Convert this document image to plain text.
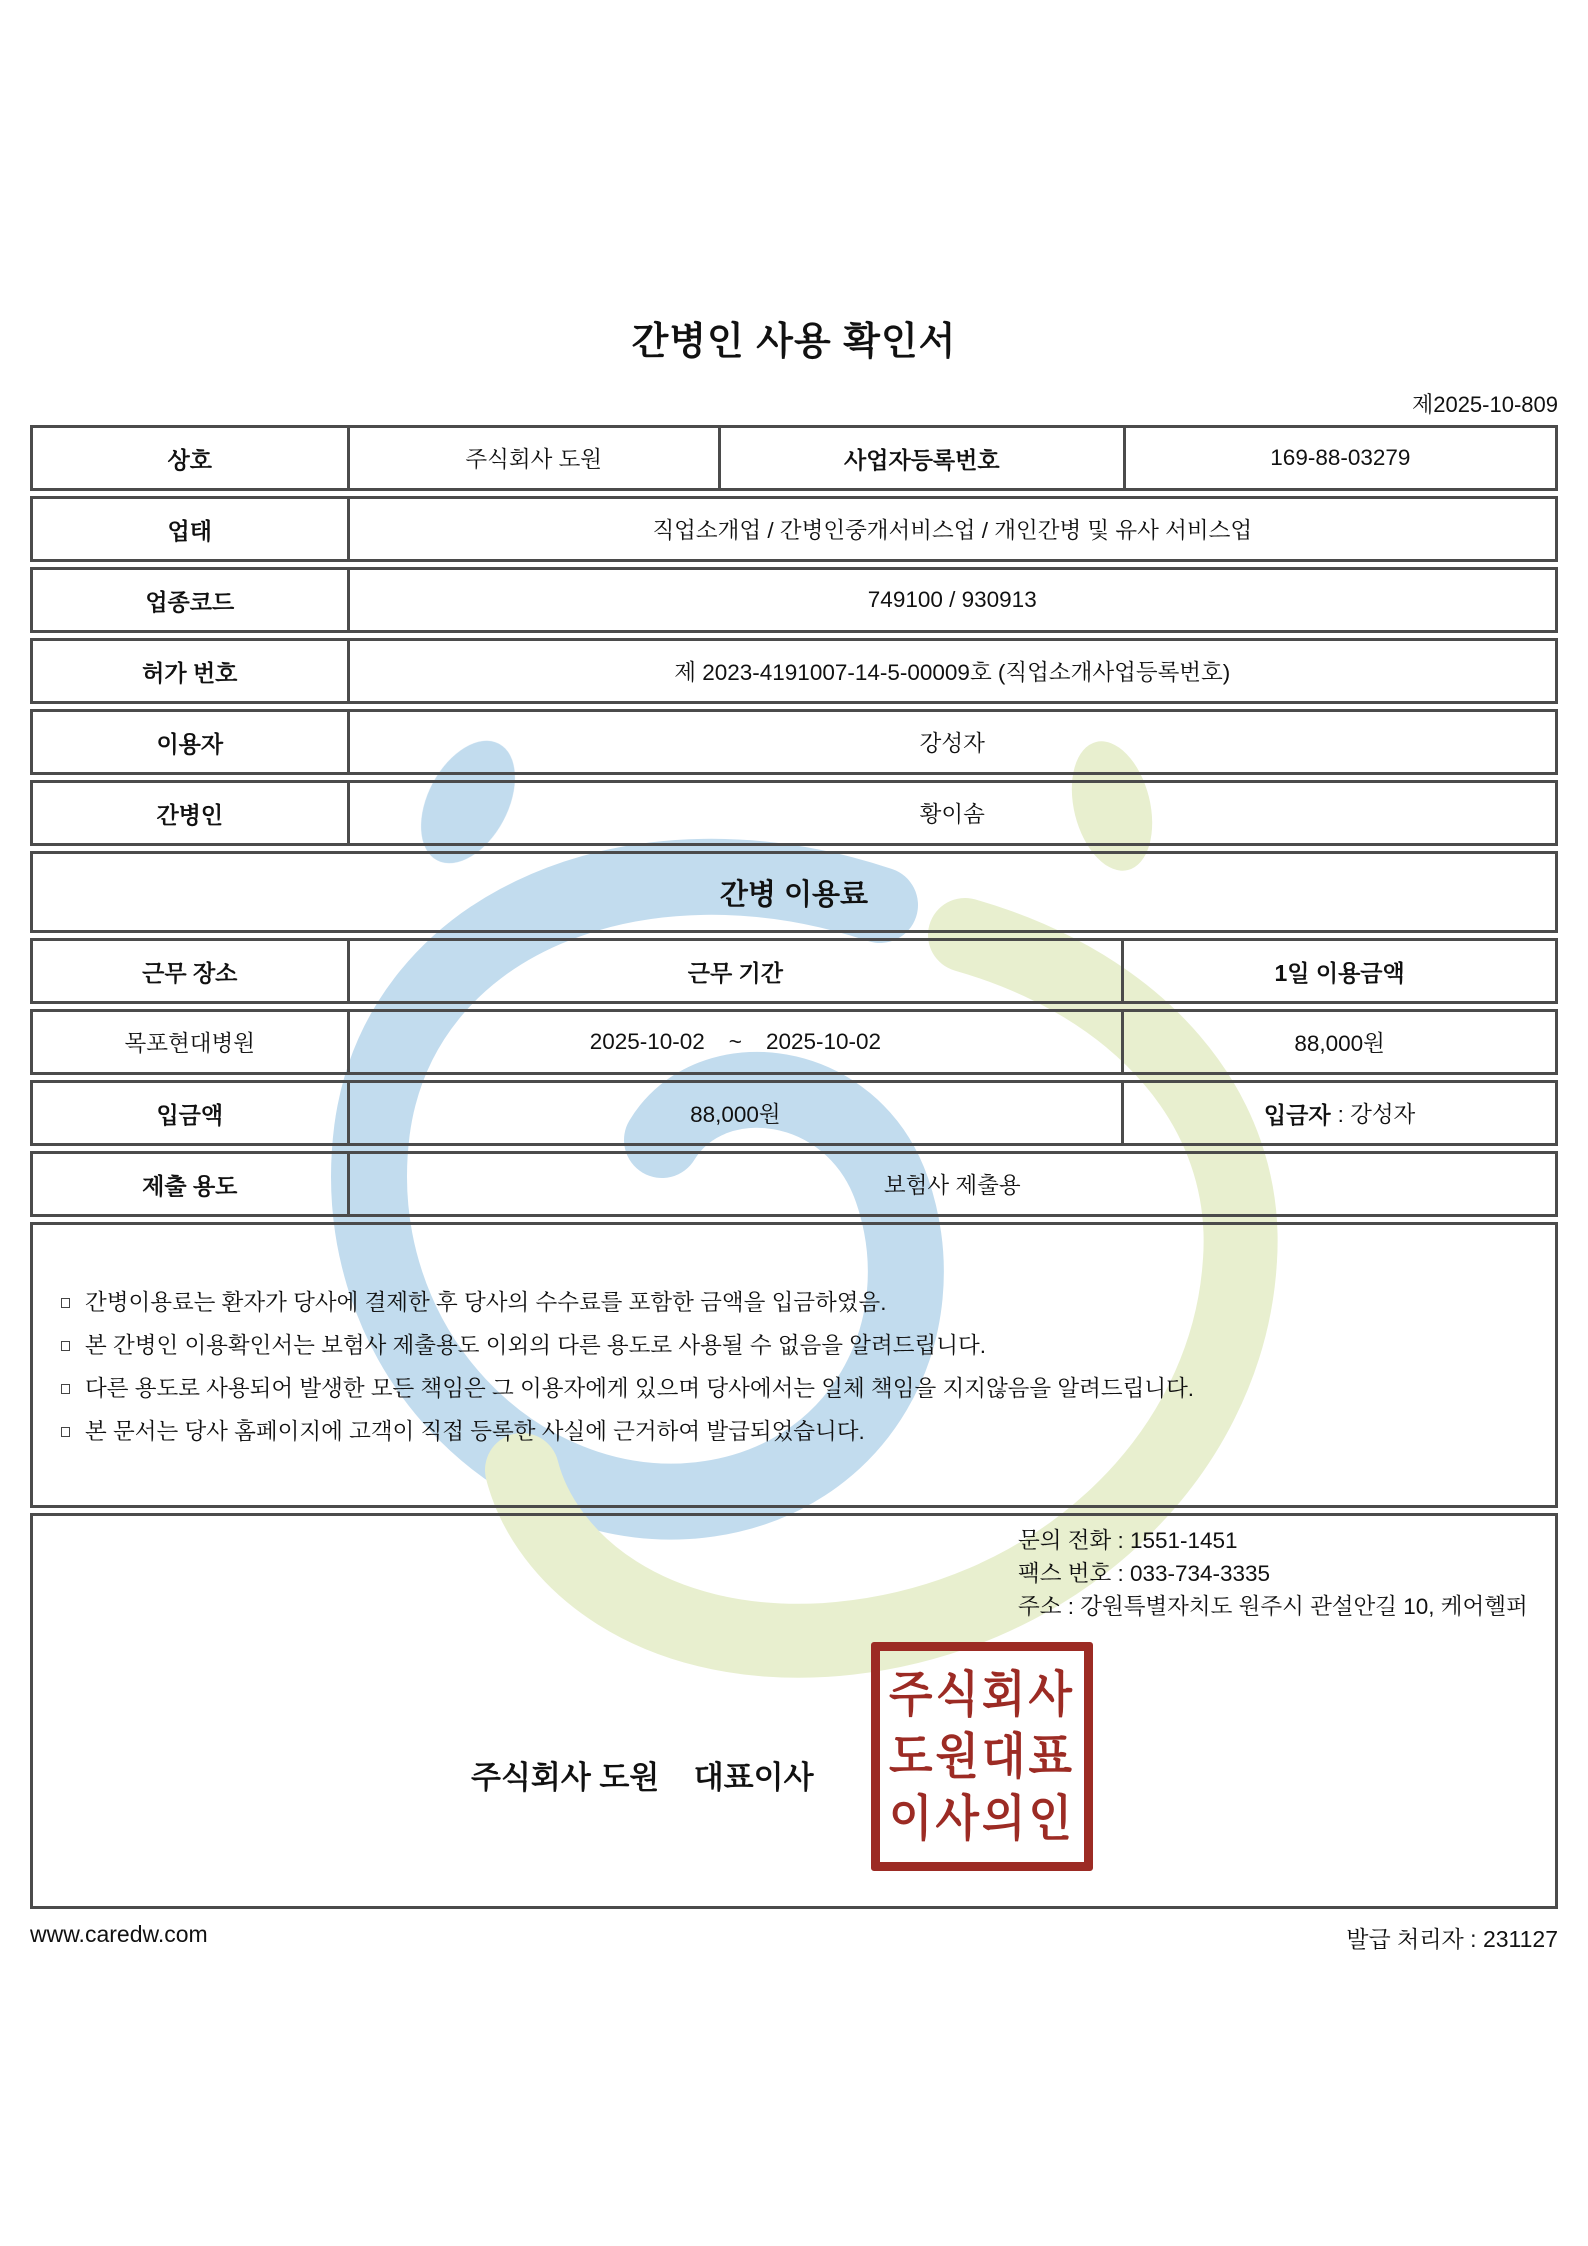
간병인 사용 확인서
제2025-10-809
상호	주식회사 도원	사업자등록번호	169-88-03279
업태	직업소개업 / 간병인중개서비스업 / 개인간병 및 유사 서비스업
업종코드	749100 / 930913
허가 번호	제 2023-4191007-14-5-00009호 (직업소개사업등록번호)
이용자	강성자
간병인	황이솜
간병 이용료
근무 장소	근무 기간	1일 이용금액
목포현대병원	2025-10-02 ~ 2025-10-02	88,000원
입금액	88,000원	입금자 : 강성자
제출 용도	보험사 제출용
간병이용료는 환자가 당사에 결제한 후 당사의 수수료를 포함한 금액을 입금하였음.
본 간병인 이용확인서는 보험사 제출용도 이외의 다른 용도로 사용될 수 없음을 알려드립니다.
다른 용도로 사용되어 발생한 모든 책임은 그 이용자에게 있으며 당사에서는 일체 책임을 지지않음을 알려드립니다.
본 문서는 당사 홈페이지에 고객이 직접 등록한 사실에 근거하여 발급되었습니다.
문의 전화 : 1551-1451
팩스 번호 : 033-734-3335
주소 : 강원특별자치도 원주시 관설안길 10, 케어헬퍼
주식회사 도원    대표이사
주식회사
도원대표
이사의인
www.caredw.com	발급 처리자 : 231127
